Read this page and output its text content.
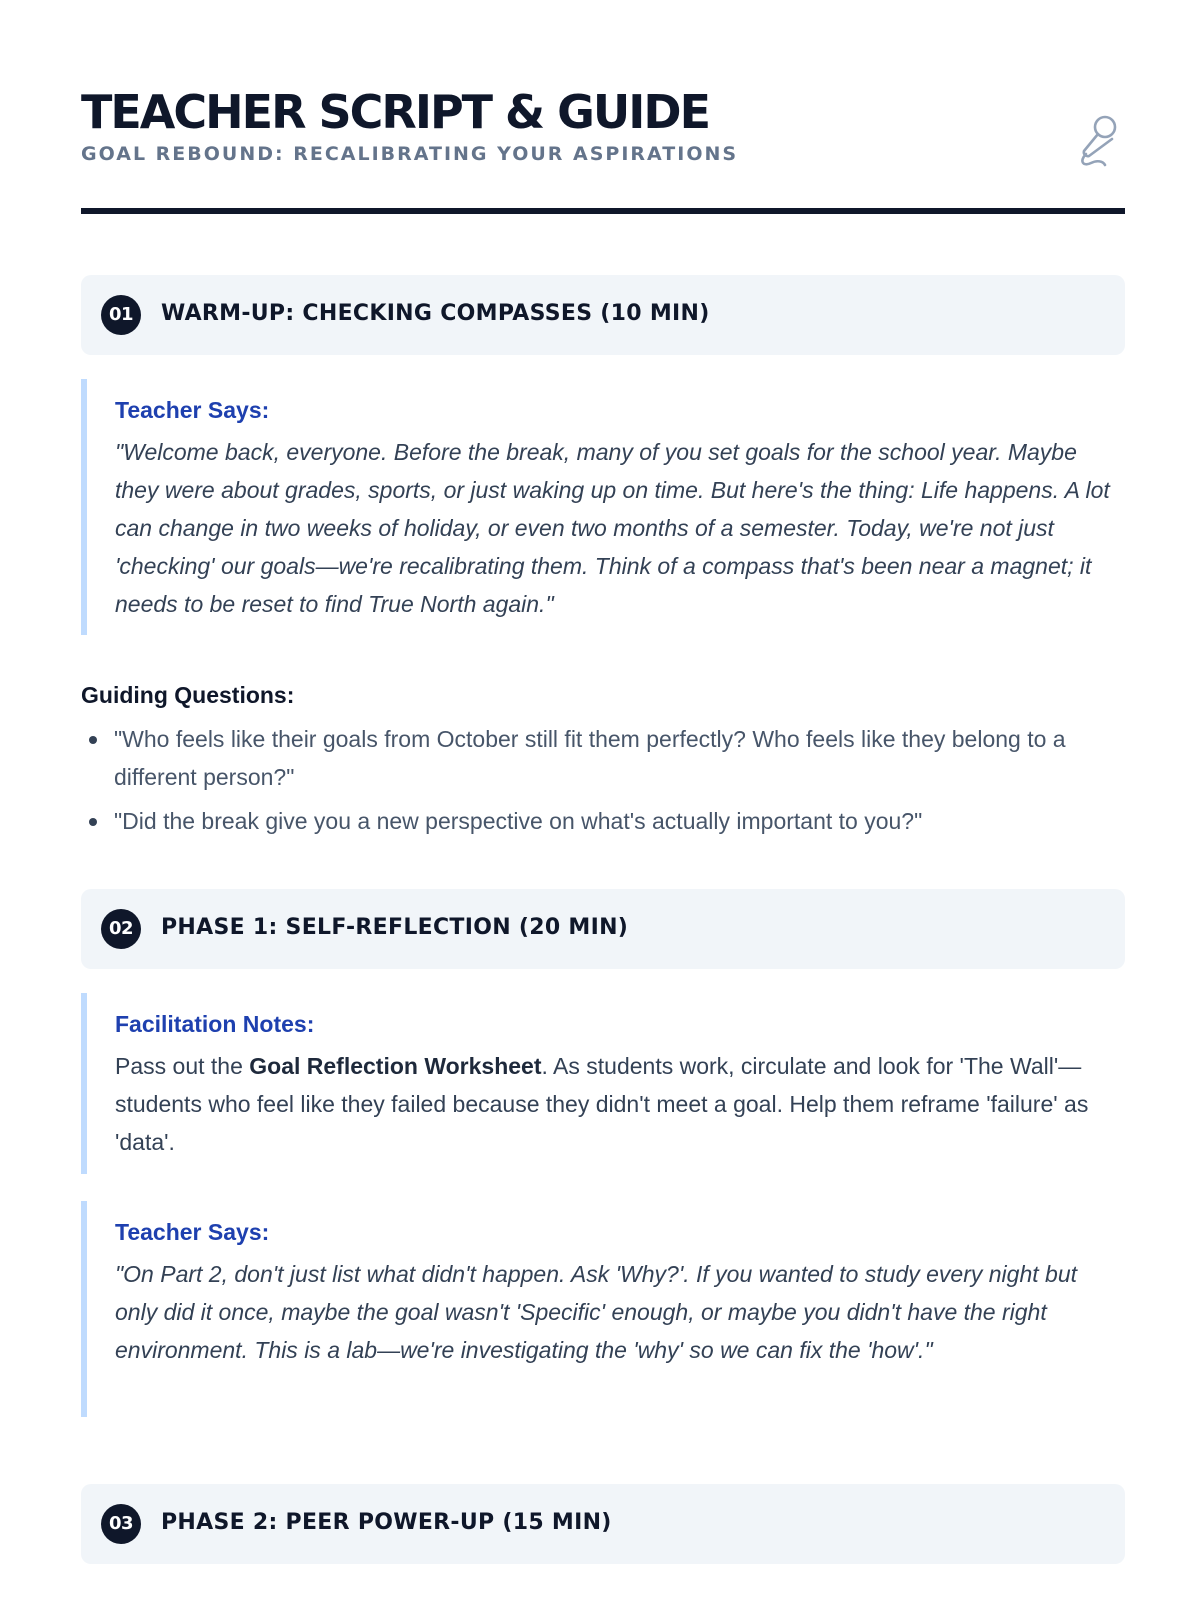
TEACHER SCRIPT & GUIDE
GOAL REBOUND: RECALIBRATING YOUR ASPIRATIONS
01	WARM-UP: CHECKING COMPASSES (10 MIN)
Teacher Says:
"Welcome back, everyone. Before the break, many of you set goals for the school year. Maybe they were about grades, sports, or just waking up on time. But here's the thing: Life happens. A lot can change in two weeks of holiday, or even two months of a semester. Today, we're not just 'checking' our goals—we're recalibrating them. Think of a compass that's been near a magnet; it needs to be reset to find True North again."
Guiding Questions:
"Who feels like their goals from October still fit them perfectly? Who feels like they belong to a different person?"
"Did the break give you a new perspective on what's actually important to you?"
02	PHASE 1: SELF-REFLECTION (20 MIN)
Facilitation Notes:
Pass out the Goal Reflection Worksheet. As students work, circulate and look for 'The Wall'—students who feel like they failed because they didn't meet a goal. Help them reframe 'failure' as 'data'.
Teacher Says:
"On Part 2, don't just list what didn't happen. Ask 'Why?'. If you wanted to study every night but only did it once, maybe the goal wasn't 'Specific' enough, or maybe you didn't have the right environment. This is a lab—we're investigating the 'why' so we can fix the 'how'."
03	PHASE 2: PEER POWER-UP (15 MIN)
